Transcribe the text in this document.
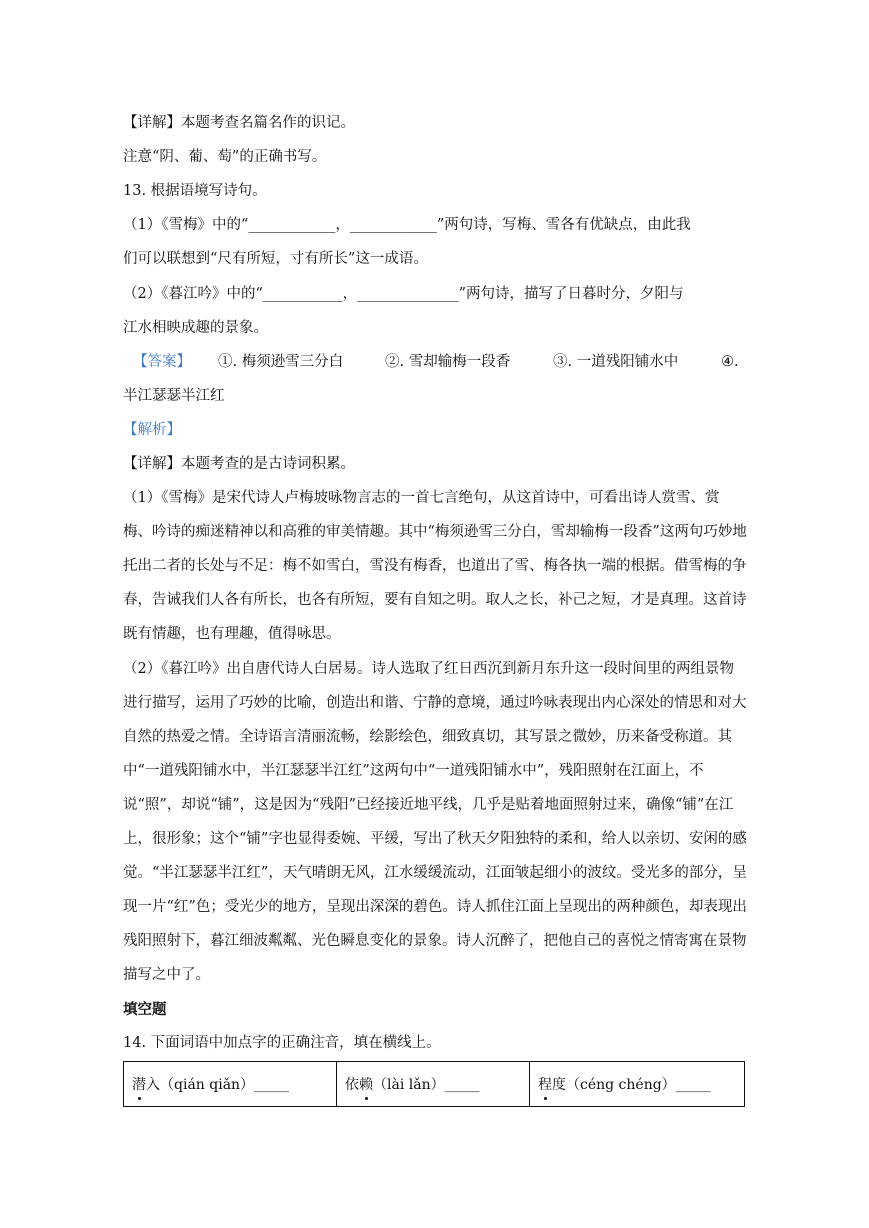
【详解】本题考查名篇名作的识记。
注意“阴、葡、萄”的正确书写。
13. 根据语境写诗句。
（1）《雪梅》中的“____________，____________”两句诗，写梅、雪各有优缺点，由此我
们可以联想到“尺有所短，寸有所长”这一成语。
（2）《暮江吟》中的“___________，______________”两句诗，描写了日暮时分，夕阳与
江水相映成趣的景象。
【答案】 ①. 梅须逊雪三分白	②. 雪却输梅一段香	③. 一道残阳铺水中	④.
半江瑟瑟半江红
【解析】
【详解】本题考查的是古诗词积累。
（1）《雪梅》是宋代诗人卢梅坡咏物言志的一首七言绝句，从这首诗中，可看出诗人赏雪、赏梅、吟诗的痴迷精神以和高雅的审美情趣。其中“梅须逊雪三分白，雪却输梅一段香”这两句巧妙地托出二者的长处与不足：梅不如雪白，雪没有梅香，也道出了雪、梅各执一端的根据。借雪梅的争春，告诫我们人各有所长，也各有所短，要有自知之明。取人之长，补己之短，才是真理。这首诗既有情趣，也有理趣，值得咏思。
（2）《暮江吟》出自唐代诗人白居易。诗人选取了红日西沉到新月东升这一段时间里的两组景物进行描写，运用了巧妙的比喻，创造出和谐、宁静的意境，通过吟咏表现出内心深处的情思和对大自然的热爱之情。全诗语言清丽流畅，绘影绘色，细致真切，其写景之微妙，历来备受称道。其中“一道残阳铺水中，半江瑟瑟半江红”这两句中“一道残阳铺水中”，残阳照射在江面上，不说“照”，却说“铺”，这是因为“残阳”已经接近地平线，几乎是贴着地面照射过来，确像“铺”在江上，很形象；这个“铺”字也显得委婉、平缓，写出了秋天夕阳独特的柔和，给人以亲切、安闲的感觉。“半江瑟瑟半江红”，天气晴朗无风，江水缓缓流动，江面皱起细小的波纹。受光多的部分，呈现一片“红”色；受光少的地方，呈现出深深的碧色。诗人抓住江面上呈现出的两种颜色，却表现出残阳照射下，暮江细波粼粼、光色瞬息变化的景象。诗人沉醉了，把他自己的喜悦之情寄寓在景物描写之中了。
填空题
14. 下面词语中加点字的正确注音，填在横线上。
潜入（qián qiǎn）_____	依赖（lài lǎn）_____	程度（céng chéng）_____
